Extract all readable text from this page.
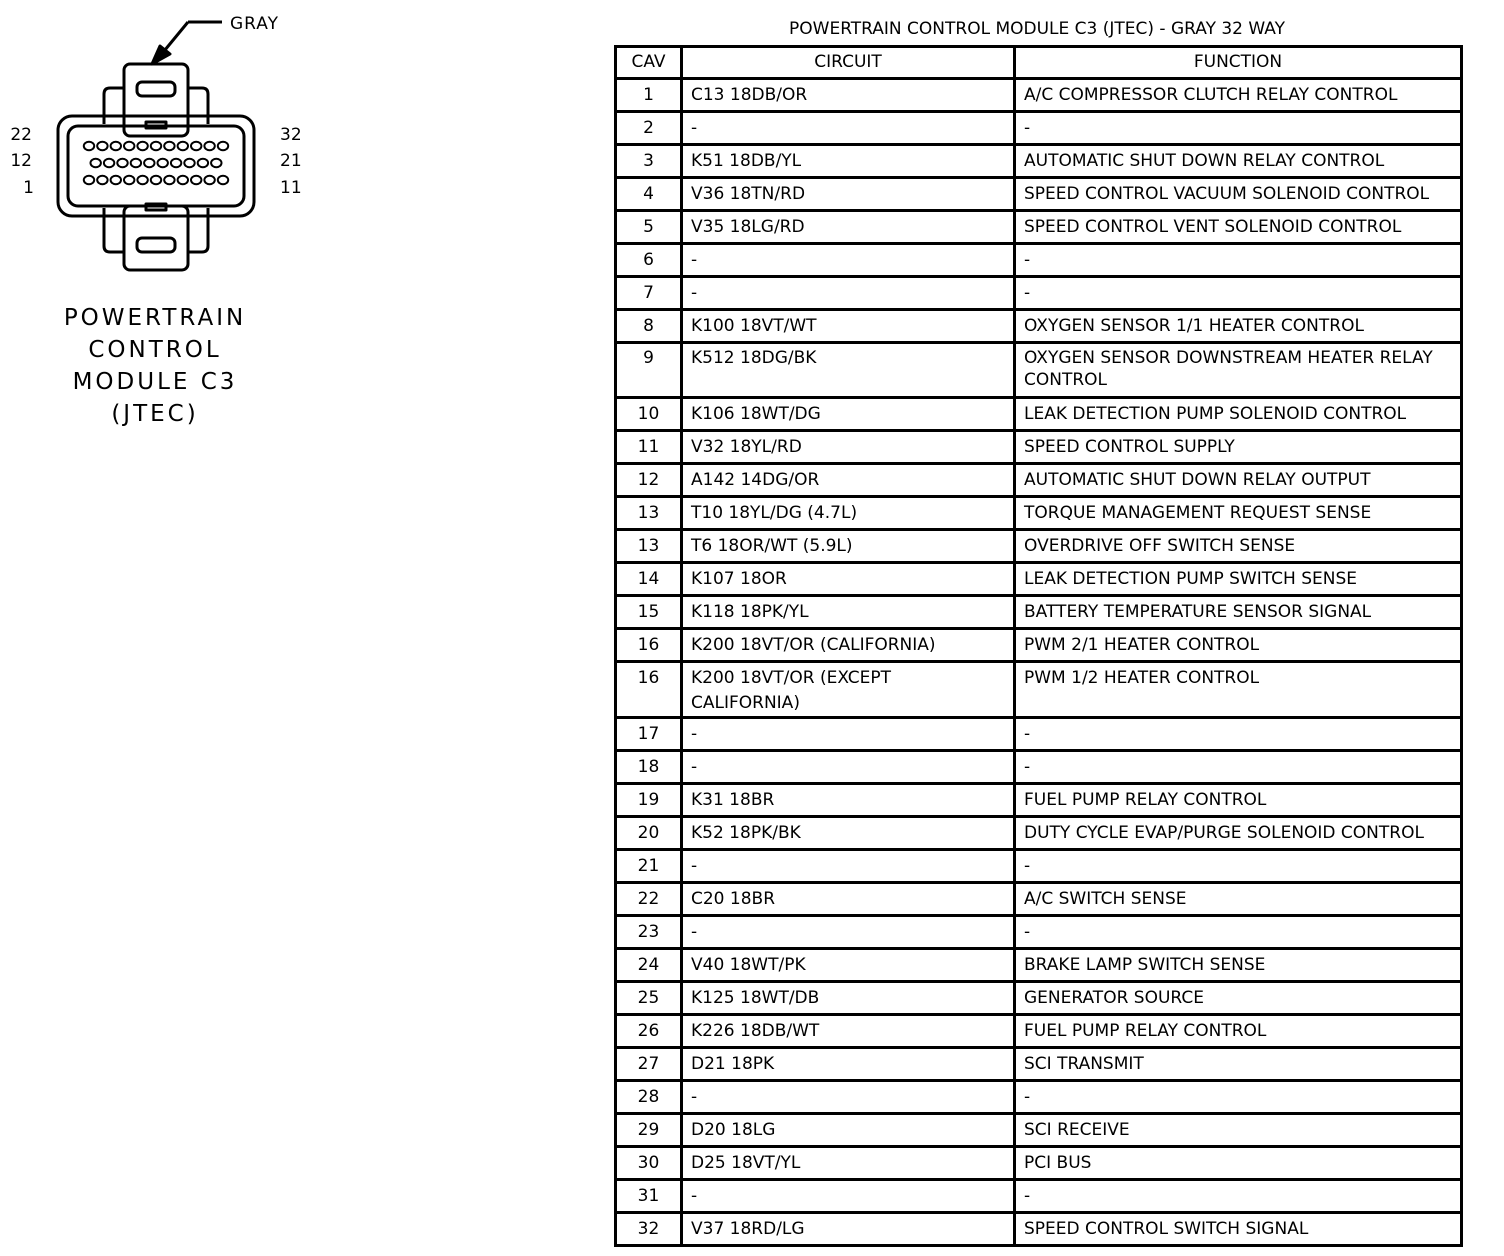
GRAY
22
12
1
32
21
11
POWERTRAIN
CONTROL
MODULE C3
(JTEC)
POWERTRAIN CONTROL MODULE C3 (JTEC) - GRAY 32 WAY
CAV	CIRCUIT	FUNCTION
1	C13 18DB/OR	A/C COMPRESSOR CLUTCH RELAY CONTROL
2	-	-
3	K51 18DB/YL	AUTOMATIC SHUT DOWN RELAY CONTROL
4	V36 18TN/RD	SPEED CONTROL VACUUM SOLENOID CONTROL
5	V35 18LG/RD	SPEED CONTROL VENT SOLENOID CONTROL
6	-	-
7	-	-
8	K100 18VT/WT	OXYGEN SENSOR 1/1 HEATER CONTROL
9	K512 18DG/BK	OXYGEN SENSOR DOWNSTREAM HEATER RELAY CONTROL
10	K106 18WT/DG	LEAK DETECTION PUMP SOLENOID CONTROL
11	V32 18YL/RD	SPEED CONTROL SUPPLY
12	A142 14DG/OR	AUTOMATIC SHUT DOWN RELAY OUTPUT
13	T10 18YL/DG (4.7L)	TORQUE MANAGEMENT REQUEST SENSE
13	T6 18OR/WT (5.9L)	OVERDRIVE OFF SWITCH SENSE
14	K107 18OR	LEAK DETECTION PUMP SWITCH SENSE
15	K118 18PK/YL	BATTERY TEMPERATURE SENSOR SIGNAL
16	K200 18VT/OR (CALIFORNIA)	PWM 2/1 HEATER CONTROL
16	K200 18VT/OR (EXCEPT CALIFORNIA)	PWM 1/2 HEATER CONTROL
17	-	-
18	-	-
19	K31 18BR	FUEL PUMP RELAY CONTROL
20	K52 18PK/BK	DUTY CYCLE EVAP/PURGE SOLENOID CONTROL
21	-	-
22	C20 18BR	A/C SWITCH SENSE
23	-	-
24	V40 18WT/PK	BRAKE LAMP SWITCH SENSE
25	K125 18WT/DB	GENERATOR SOURCE
26	K226 18DB/WT	FUEL PUMP RELAY CONTROL
27	D21 18PK	SCI TRANSMIT
28	-	-
29	D20 18LG	SCI RECEIVE
30	D25 18VT/YL	PCI BUS
31	-	-
32	V37 18RD/LG	SPEED CONTROL SWITCH SIGNAL
